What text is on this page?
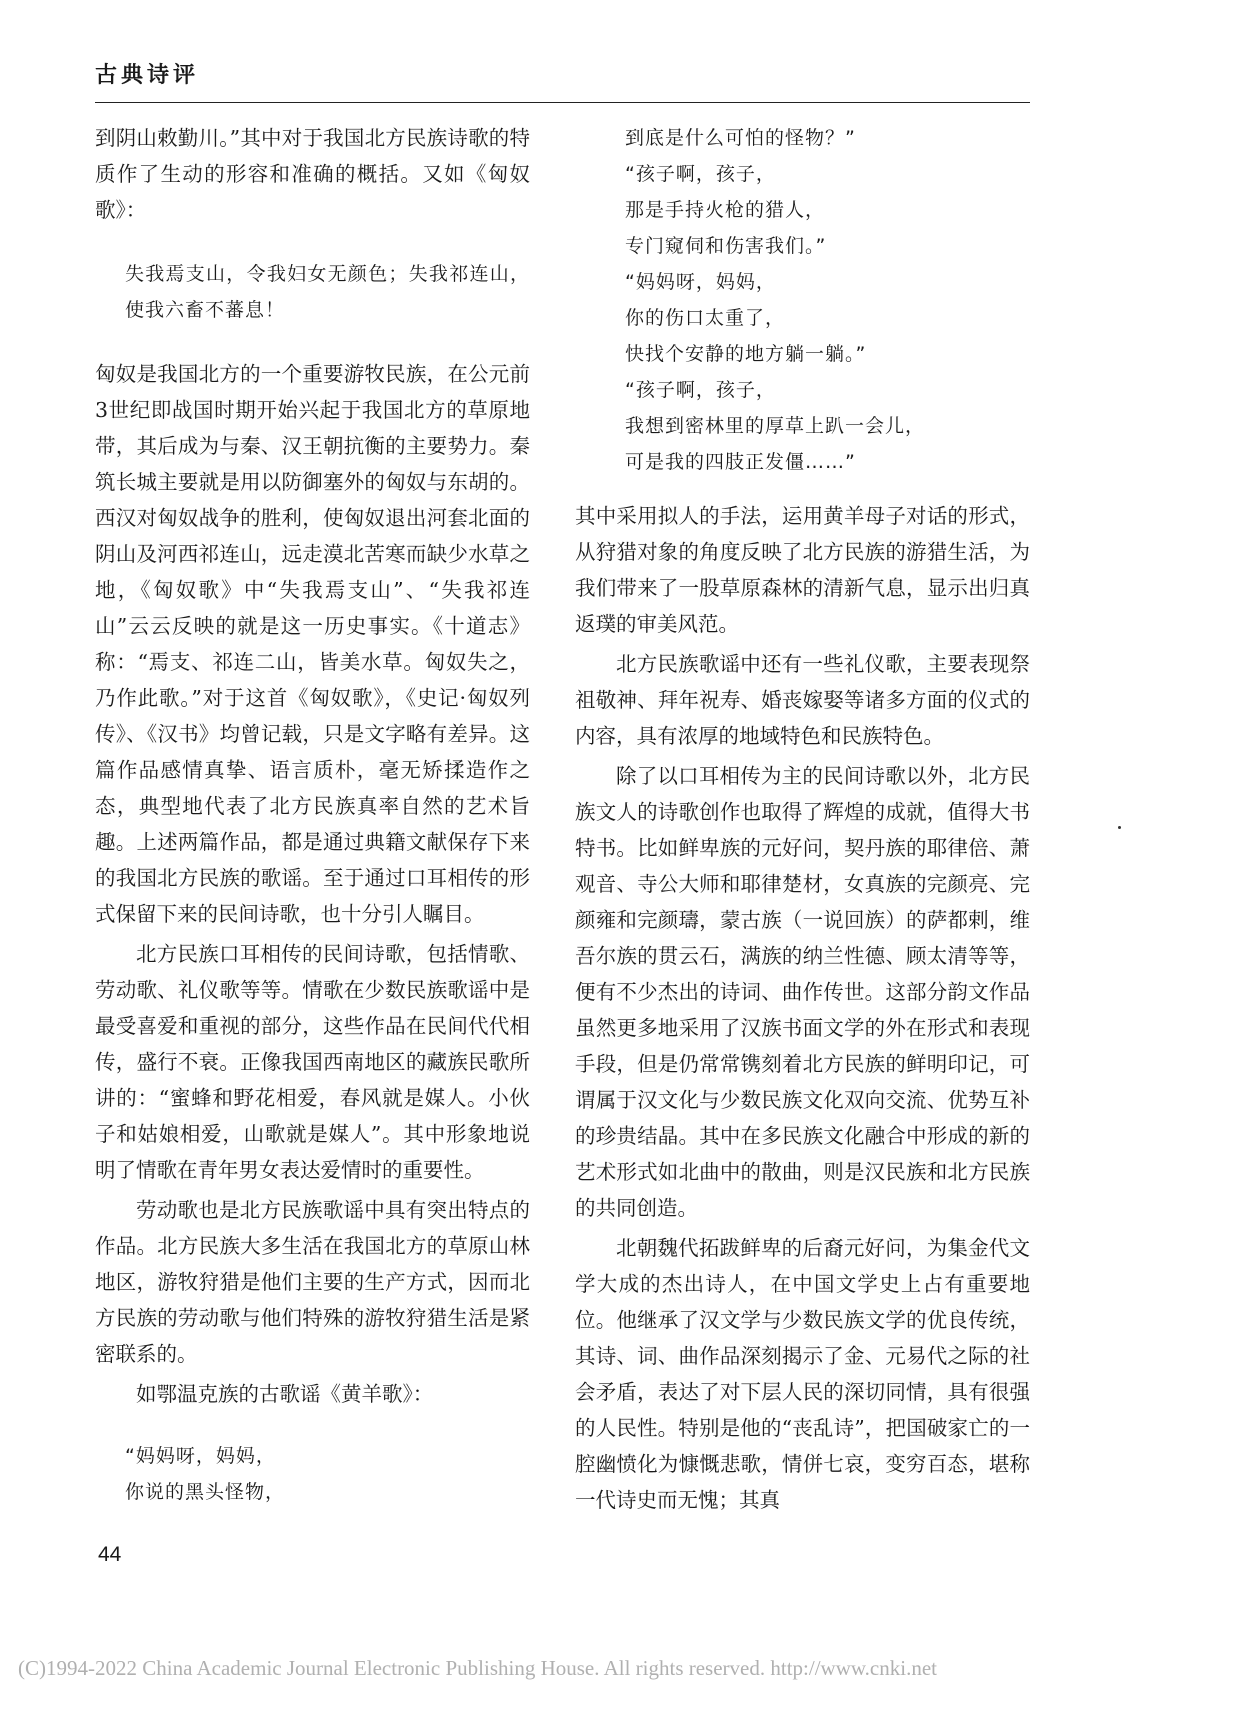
古典诗评

到阴山敕勤川。”其中对于我国北方民族诗歌的特质作了生动的形容和准确的概括。又如《匈奴歌》：

失我焉支山，令我妇女无颜色；失我祁连山，使我六畜不蕃息！

匈奴是我国北方的一个重要游牧民族，在公元前3世纪即战国时期开始兴起于我国北方的草原地带，其后成为与秦、汉王朝抗衡的主要势力。秦筑长城主要就是用以防御塞外的匈奴与东胡的。西汉对匈奴战争的胜利，使匈奴退出河套北面的阴山及河西祁连山，远走漠北苦寒而缺少水草之地，《匈奴歌》中“失我焉支山”、“失我祁连山”云云反映的就是这一历史事实。《十道志》称：“焉支、祁连二山，皆美水草。匈奴失之，乃作此歌。”对于这首《匈奴歌》，《史记·匈奴列传》、《汉书》均曾记载，只是文字略有差异。这篇作品感情真挚、语言质朴，毫无矫揉造作之态，典型地代表了北方民族真率自然的艺术旨趣。上述两篇作品，都是通过典籍文献保存下来的我国北方民族的歌谣。至于通过口耳相传的形式保留下来的民间诗歌，也十分引人瞩目。

北方民族口耳相传的民间诗歌，包括情歌、劳动歌、礼仪歌等等。情歌在少数民族歌谣中是最受喜爱和重视的部分，这些作品在民间代代相传，盛行不衰。正像我国西南地区的藏族民歌所讲的：“蜜蜂和野花相爱，春风就是媒人。小伙子和姑娘相爱，山歌就是媒人”。其中形象地说明了情歌在青年男女表达爱情时的重要性。

劳动歌也是北方民族歌谣中具有突出特点的作品。北方民族大多生活在我国北方的草原山林地区，游牧狩猎是他们主要的生产方式，因而北方民族的劳动歌与他们特殊的游牧狩猎生活是紧密联系的。

如鄂温克族的古歌谣《黄羊歌》：

“妈妈呀，妈妈，

你说的黑头怪物，

到底是什么可怕的怪物？”

“孩子啊，孩子，

那是手持火枪的猎人，

专门窥伺和伤害我们。”

“妈妈呀，妈妈，

你的伤口太重了，

快找个安静的地方躺一躺。”

“孩子啊，孩子，

我想到密林里的厚草上趴一会儿，

可是我的四肢正发僵……”

其中采用拟人的手法，运用黄羊母子对话的形式，从狩猎对象的角度反映了北方民族的游猎生活，为我们带来了一股草原森林的清新气息，显示出归真返璞的审美风范。

北方民族歌谣中还有一些礼仪歌，主要表现祭祖敬神、拜年祝寿、婚丧嫁娶等诸多方面的仪式的内容，具有浓厚的地域特色和民族特色。

除了以口耳相传为主的民间诗歌以外，北方民族文人的诗歌创作也取得了辉煌的成就，值得大书特书。比如鲜卑族的元好问，契丹族的耶律倍、萧观音、寺公大师和耶律楚材，女真族的完颜亮、完颜雍和完颜璹，蒙古族（一说回族）的萨都剌，维吾尔族的贯云石，满族的纳兰性德、顾太清等等，便有不少杰出的诗词、曲作传世。这部分韵文作品虽然更多地采用了汉族书面文学的外在形式和表现手段，但是仍常常镌刻着北方民族的鲜明印记，可谓属于汉文化与少数民族文化双向交流、优势互补的珍贵结晶。其中在多民族文化融合中形成的新的艺术形式如北曲中的散曲，则是汉民族和北方民族的共同创造。

北朝魏代拓跋鲜卑的后裔元好问，为集金代文学大成的杰出诗人，在中国文学史上占有重要地位。他继承了汉文学与少数民族文学的优良传统，其诗、词、曲作品深刻揭示了金、元易代之际的社会矛盾，表达了对下层人民的深切同情，具有很强的人民性。特别是他的“丧乱诗”，把国破家亡的一腔幽愤化为慷慨悲歌，情併七哀，变穷百态，堪称一代诗史而无愧；其真

44
(C)1994-2022 China Academic Journal Electronic Publishing House. All rights reserved. http://www.cnki.net
